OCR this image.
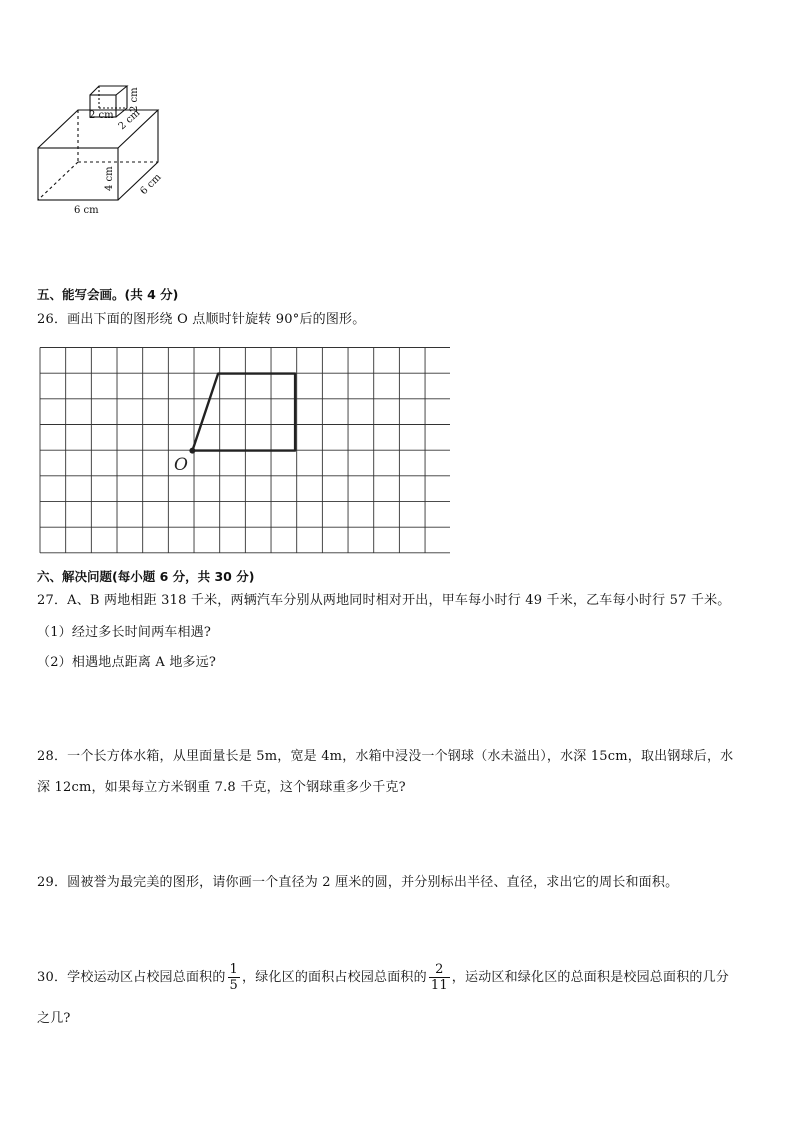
2 cm 2 cm
2 cm
6 cm
6 cm
4 cm
五、能写会画。(共 4 分)
26．画出下面的图形绕 O 点顺时针旋转 90°后的图形。
O
六、解决问题(每小题 6 分，共 30 分)
27．A、B 两地相距 318 千米，两辆汽车分别从两地同时相对开出，甲车每小时行 49 千米，乙车每小时行 57 千米。
（1）经过多长时间两车相遇?
（2）相遇地点距离 A 地多远?
28．一个长方体水箱，从里面量长是 5m，宽是 4m，水箱中浸没一个钢球（水未溢出），水深 15cm，取出钢球后，水
深 12cm，如果每立方米钢重 7.8 千克，这个钢球重多少千克?
29．圆被誉为最完美的图形，请你画一个直径为 2 厘米的圆，并分别标出半径、直径，求出它的周长和面积。
30．学校运动区占校园总面积的 $\frac{1}{5}$ ，绿化区的面积占校园总面积的 $\frac{2}{11}$ ，运动区和绿化区的总面积是校园总面积的几分
之几?
